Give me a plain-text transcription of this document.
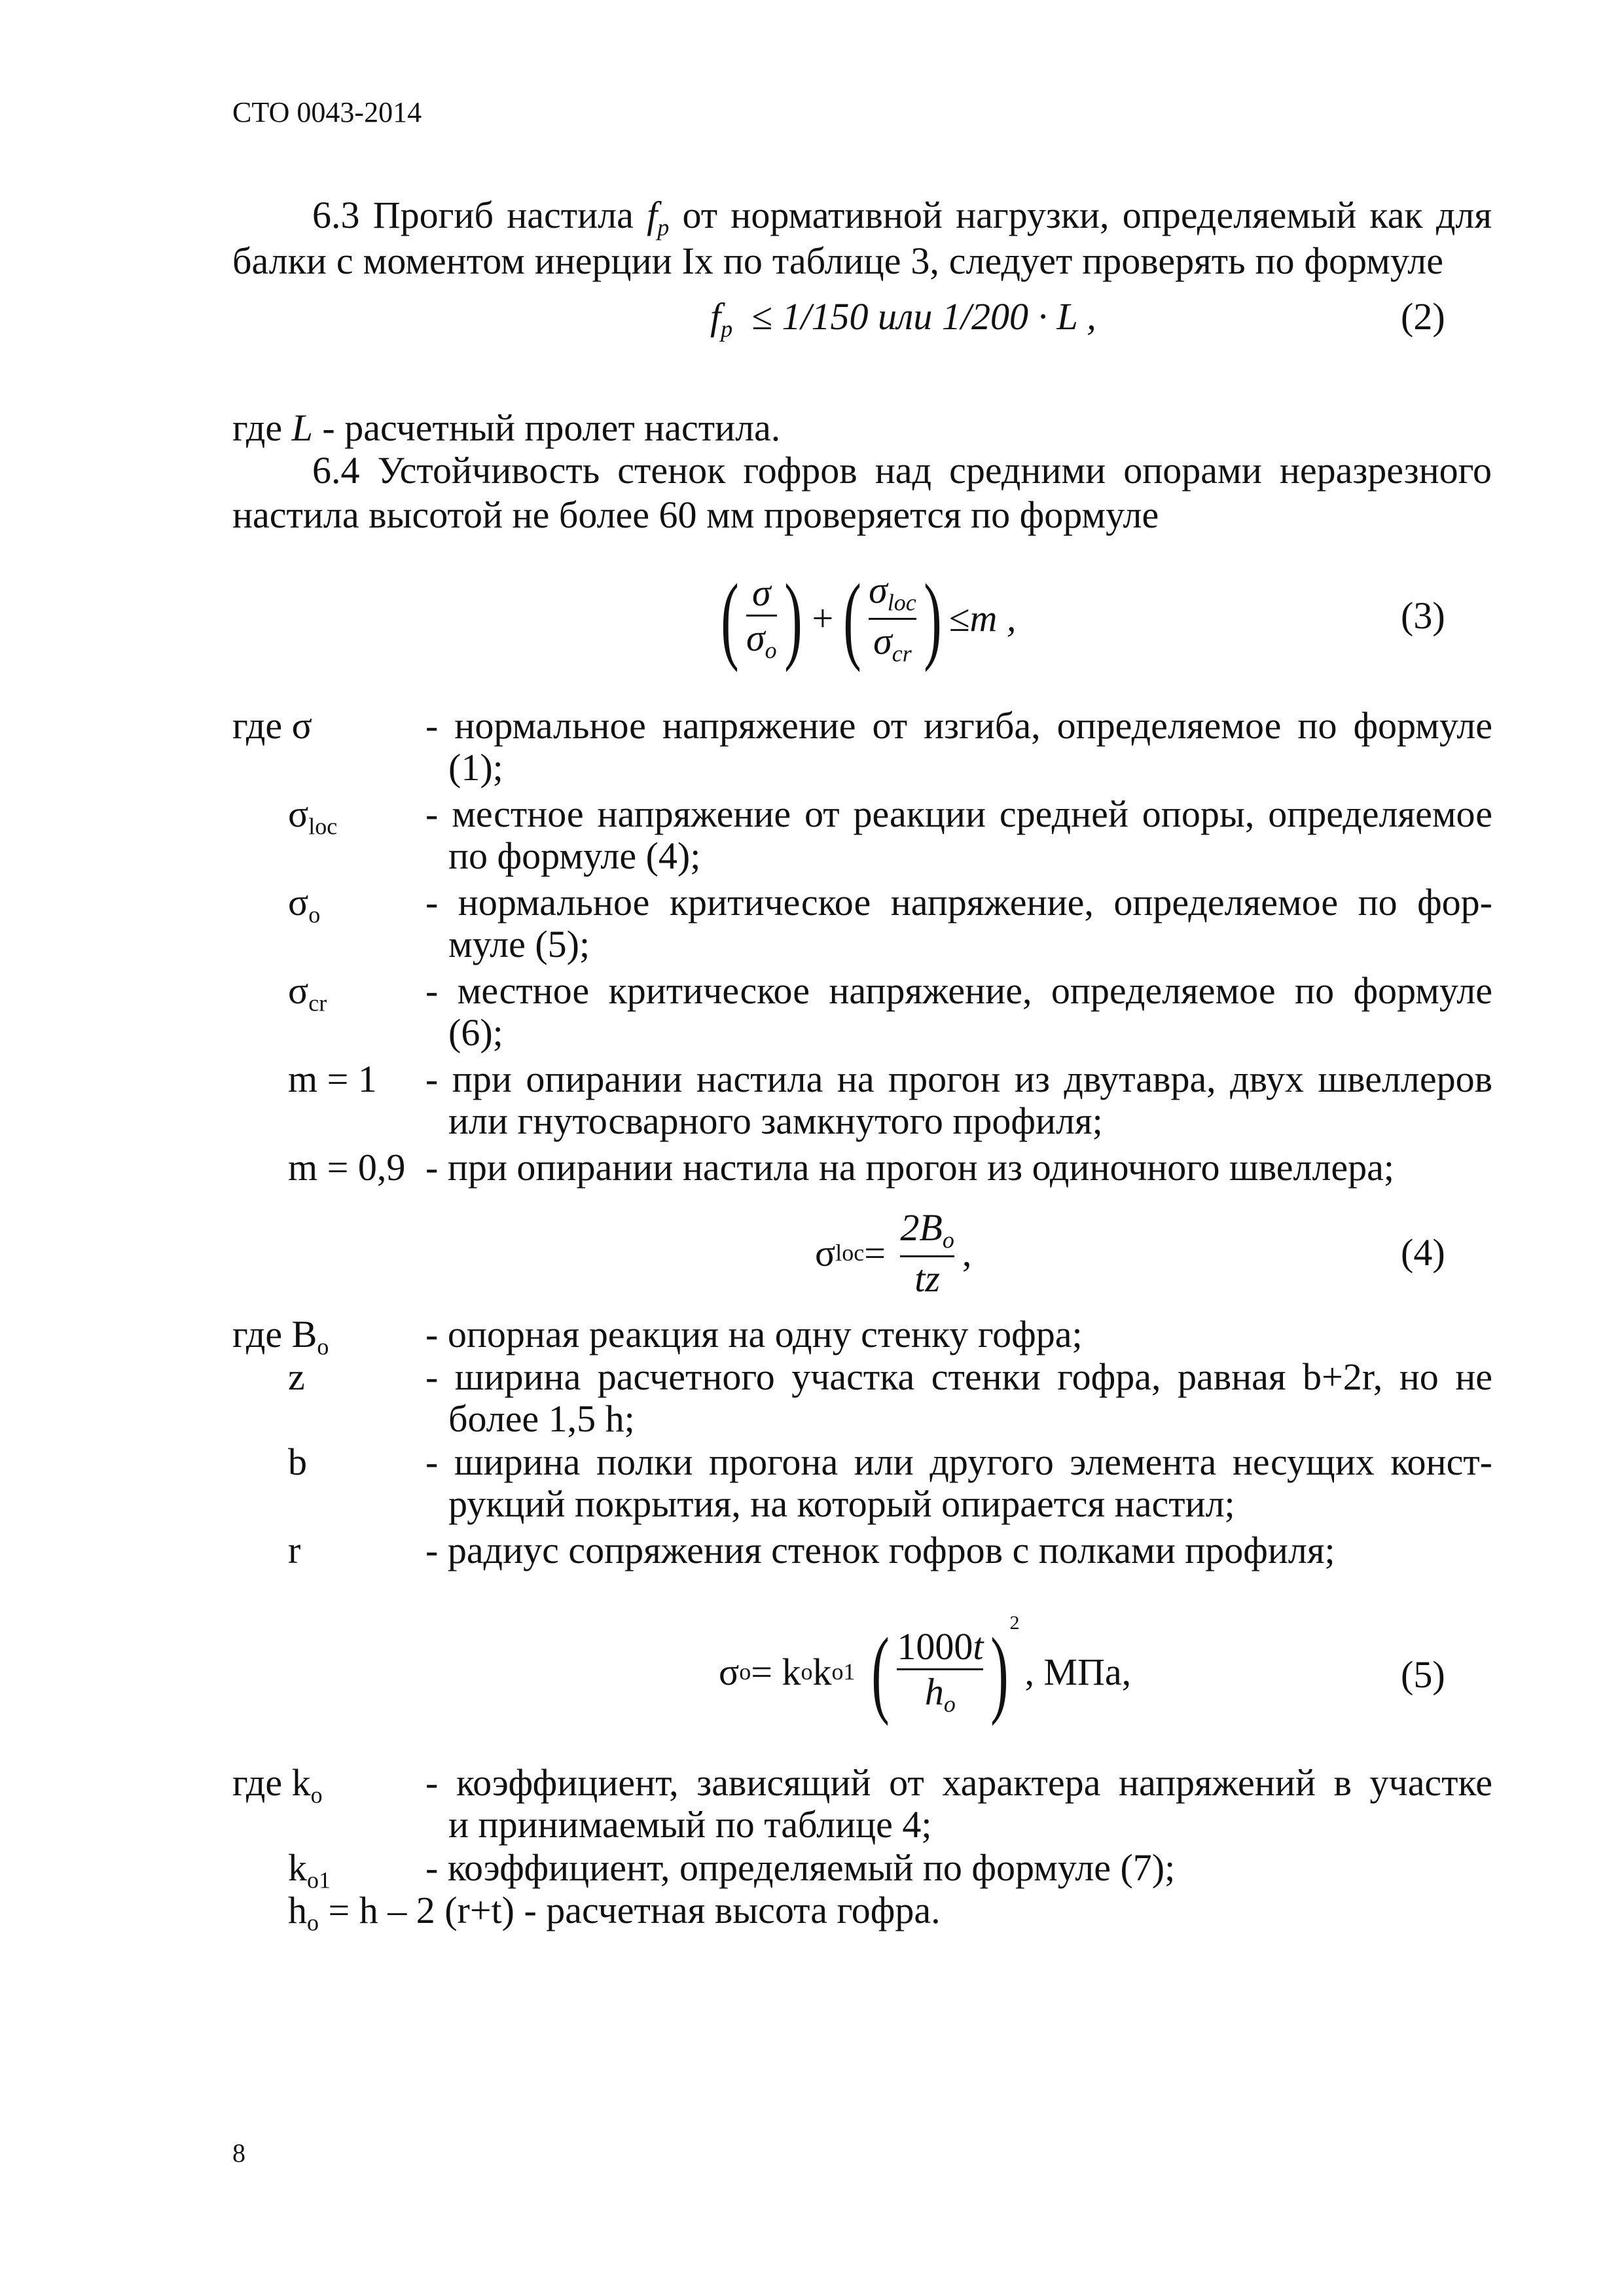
СТО 0043-2014
6.3 Прогиб настила $f_p$ от нормативной нагрузки, определяемый как для
балки с моментом инерции Ix по таблице 3, следует проверять по формуле
$f_p \le 1/150$ или 1/200 · L ,	(2)
где L - расчетный пролет настила.
6.4 Устойчивость стенок гофров над средними опорами неразрезного
настила высотой не более 60 мм проверяется по формуле
( $\frac{\sigma}{\sigma_o}$ ) + ( $\frac{\sigma_{loc}}{\sigma_{cr}}$ ) ≤m ,	(3)
где σ	- нормальное напряжение от изгиба, определяемое по формуле
(1);
$\sigma_{loc}$ - местное напряжение от реакции средней опоры, определяемое
по формуле (4);
$\sigma_o$	- нормальное критическое напряжение, определяемое по фор-
муле (5);
$\sigma_{cr}$	- местное критическое напряжение, определяемое по формуле
(6);
m = 1 - при опирании настила на прогон из двутавра, двух швеллеров
или гнутосварного замкнутого профиля;
m = 0,9 - при опирании настила на прогон из одиночного швеллера;
σ loc =
$\frac{2B_o}{tz}$ ,	(4)
где $B_o$	- опорная реакция на одну стенку гофра;
z	- ширина расчетного участка стенки гофра, равная b+2r, но не
более 1,5 h;
b	- ширина полки прогона или другого элемента несущих конст-
рукций покрытия, на который опирается настил;
r	- радиус сопряжения стенок гофров с полками профиля;
σ o = k o k o1 ( $\frac{1000t}{h_o}$ ) 2
, МПа,	(5)
где $k_o$	- коэффициент, зависящий от характера напряжений в участке
и принимаемый по таблице 4;
$k_{o1}$	- коэффициент, определяемый по формуле (7);
$h_o = h - 2$ (r+t) - расчетная высота гофра.
8
